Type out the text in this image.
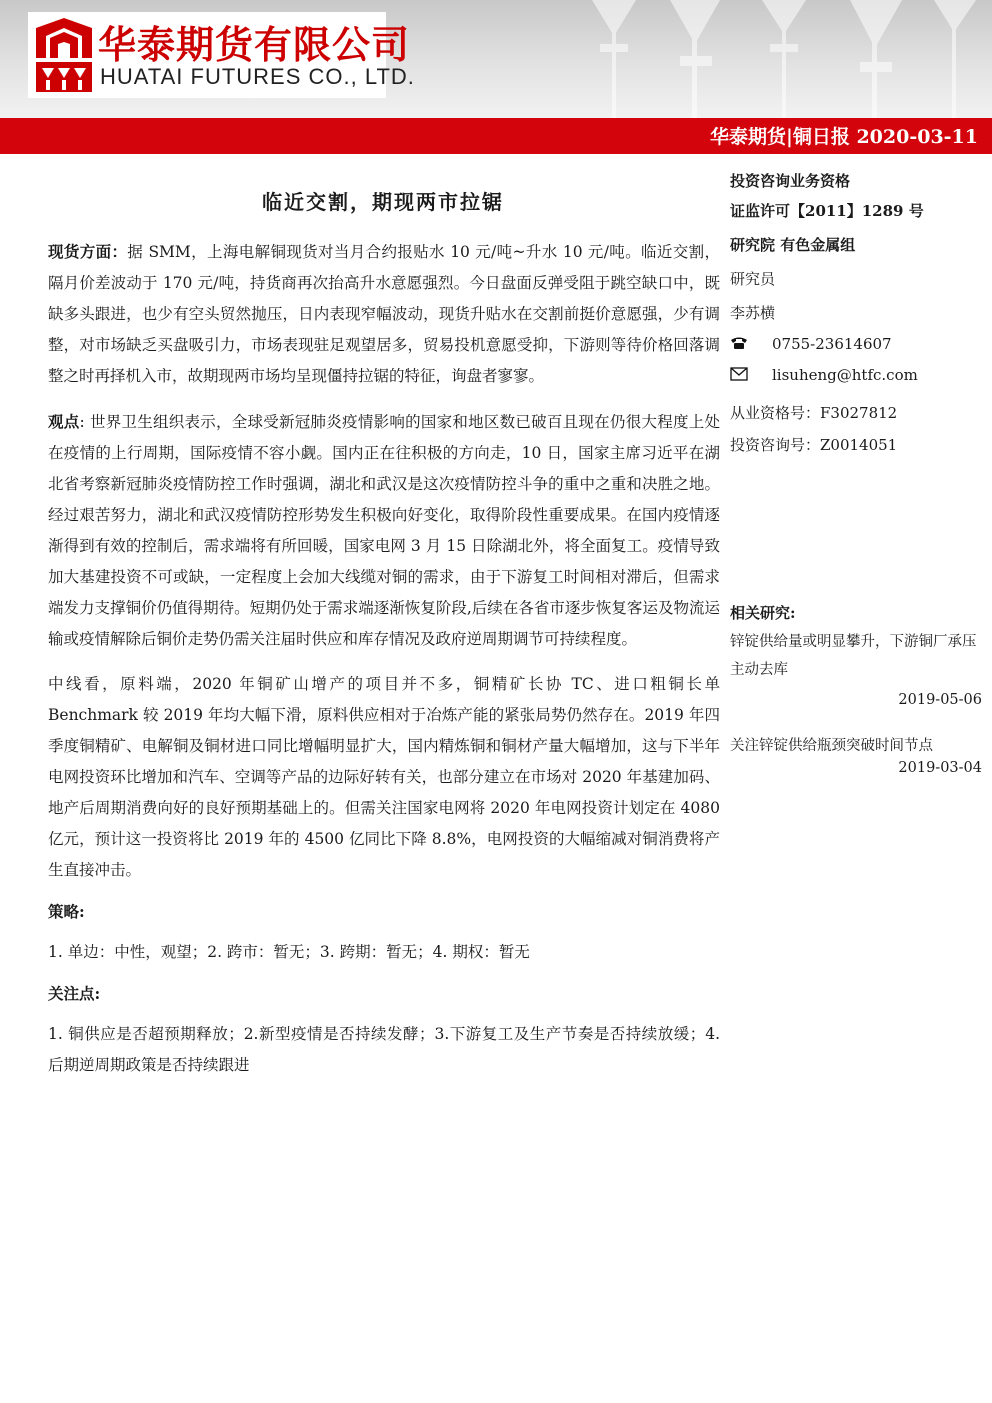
华泰期货有限公司
HUATAI FUTURES CO., LTD.
华泰期货|铜日报 2020-03-11
临近交割，期现两市拉锯

现货方面：据 SMM，上海电解铜现货对当月合约报贴水 10 元/吨~升水 10 元/吨。临近交割，隔月价差波动于 170 元/吨，持货商再次抬高升水意愿强烈。今日盘面反弹受阻于跳空缺口中，既缺多头跟进，也少有空头贸然抛压，日内表现窄幅波动，现货升贴水在交割前挺价意愿强，少有调整，对市场缺乏买盘吸引力，市场表现驻足观望居多，贸易投机意愿受抑，下游则等待价格回落调整之时再择机入市，故期现两市场均呈现僵持拉锯的特征，询盘者寥寥。

观点: 世界卫生组织表示，全球受新冠肺炎疫情影响的国家和地区数已破百且现在仍很大程度上处在疫情的上行周期，国际疫情不容小觑。国内正在往积极的方向走，10 日，国家主席习近平在湖北省考察新冠肺炎疫情防控工作时强调，湖北和武汉是这次疫情防控斗争的重中之重和决胜之地。经过艰苦努力，湖北和武汉疫情防控形势发生积极向好变化，取得阶段性重要成果。在国内疫情逐渐得到有效的控制后，需求端将有所回暖，国家电网 3 月 15 日除湖北外，将全面复工。疫情导致加大基建投资不可或缺，一定程度上会加大线缆对铜的需求，由于下游复工时间相对滞后，但需求端发力支撑铜价仍值得期待。短期仍处于需求端逐渐恢复阶段,后续在各省市逐步恢复客运及物流运输或疫情解除后铜价走势仍需关注届时供应和库存情况及政府逆周期调节可持续程度。

中线看，原料端，2020 年铜矿山增产的项目并不多，铜精矿长协 TC、进口粗铜长单 Benchmark 较 2019 年均大幅下滑，原料供应相对于冶炼产能的紧张局势仍然存在。2019 年四季度铜精矿、电解铜及铜材进口同比增幅明显扩大，国内精炼铜和铜材产量大幅增加，这与下半年电网投资环比增加和汽车、空调等产品的边际好转有关，也部分建立在市场对 2020 年基建加码、地产后周期消费向好的良好预期基础上的。但需关注国家电网将 2020 年电网投资计划定在 4080 亿元，预计这一投资将比 2019 年的 4500 亿同比下降 8.8%，电网投资的大幅缩减对铜消费将产生直接冲击。

策略:

1. 单边：中性，观望；2. 跨市：暂无；3. 跨期：暂无；4. 期权：暂无

关注点:

1. 铜供应是否超预期释放；2.新型疫情是否持续发酵；3.下游复工及生产节奏是否持续放缓；4. 后期逆周期政策是否持续跟进

投资咨询业务资格
证监许可【2011】1289 号
研究院 有色金属组
研究员
李苏横
0755-23614607
lisuheng@htfc.com
从业资格号：F3027812
投资咨询号：Z0014051
相关研究:
锌锭供给量或明显攀升，下游铜厂承压主动去库
2019-05-06
关注锌锭供给瓶颈突破时间节点
2019-03-04
